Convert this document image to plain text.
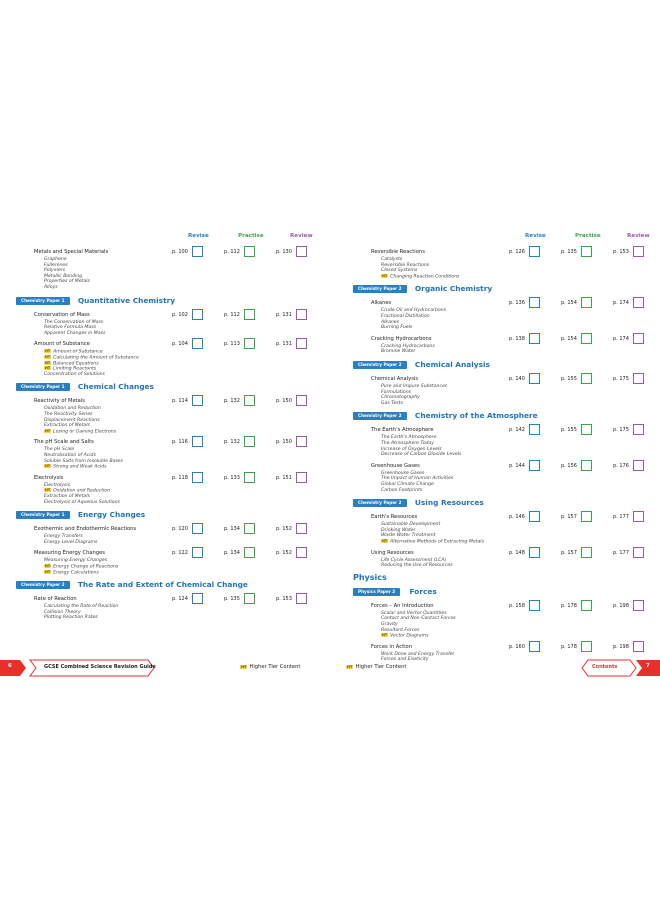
Revise	Practise	Review
Metals and Special Materials	p. 100	p. 112	p. 130
Graphene
Fullerenes
Polymers
Metallic Bonding
Properties of Metals
Alloys
Chemistry Paper 1	Quantitative Chemistry
Conservation of Mass	p. 102	p. 112	p. 131
The Conservation of Mass
Relative Formula Mass
Apparent Changes in Mass
Amount of Substance	p. 104	p. 113	p. 131
HT Amount of Substance
HT Calculating the Amount of Substance
HT Balanced Equations
HT Limiting Reactants
Concentration of Solutions
Chemistry Paper 1	Chemical Changes
Reactivity of Metals	p. 114	p. 132	p. 150
Oxidation and Reduction
The Reactivity Series
Displacement Reactions
Extraction of Metals
HT Losing or Gaining Electrons
The pH Scale and Salts	p. 116	p. 132	p. 150
The pH Scale
Neutralisation of Acids
Soluble Salts from Insoluble Bases
HT Strong and Weak Acids
Electrolysis	p. 118	p. 133	p. 151
Electrolysis
HT Oxidation and Reduction
Extraction of Metals
Electrolysis of Aqueous Solutions
Chemistry Paper 1	Energy Changes
Exothermic and Endothermic Reactions	p. 120	p. 134	p. 152
Energy Transfers
Energy Level Diagrams
Measuring Energy Changes	p. 122	p. 134	p. 152
Measuring Energy Changes
HT Energy Change of Reactions
HT Energy Calculations
Chemistry Paper 2	The Rate and Extent of Chemical Change
Rate of Reaction	p. 124	p. 135	p. 153
Calculating the Rate of Reaction
Collision Theory
Plotting Reaction Rates
Revise	Practise	Review
Reversible Reactions	p. 126	p. 135	p. 153
Catalysts
Reversible Reactions
Closed Systems
HT Changing Reaction Conditions
Chemistry Paper 2	Organic Chemistry
Alkanes	p. 136	p. 154	p. 174
Crude Oil and Hydrocarbons
Fractional Distillation
Alkanes
Burning Fuels
Cracking Hydrocarbons	p. 138	p. 154	p. 174
Cracking Hydrocarbons
Bromine Water
Chemistry Paper 2	Chemical Analysis
Chemical Analysis	p. 140	p. 155	p. 175
Pure and Impure Substances
Formulations
Chromatography
Gas Tests
Chemistry Paper 2	Chemistry of the Atmosphere
The Earth's Atmosphere	p. 142	p. 155	p. 175
The Earth's Atmosphere
The Atmosphere Today
Increase of Oxygen Levels
Decrease of Carbon Dioxide Levels
Greenhouse Gases	p. 144	p. 156	p. 176
Greenhouse Gases
The Impact of Human Activities
Global Climate Change
Carbon Footprints
Chemistry Paper 2	Using Resources
Earth's Resources	p. 146	p. 157	p. 177
Sustainable Development
Drinking Water
Waste Water Treatment
HT Alternative Methods of Extracting Metals
Using Resources	p. 148	p. 157	p. 177
Life Cycle Assessment (LCA)
Reducing the Use of Resources
Physics
Physics Paper 2	Forces
Forces – An Introduction	p. 158	p. 178	p. 198
Scalar and Vector Quantities
Contact and Non-Contact Forces
Gravity
Resultant Forces
HT Vector Diagrams
Forces in Action	p. 160	p. 178	p. 198
Work Done and Energy Transfer
Forces and Elasticity
6	GCSE Combined Science Revision Guide	HT Higher Tier Content	HT Higher Tier Content	Contents	7
